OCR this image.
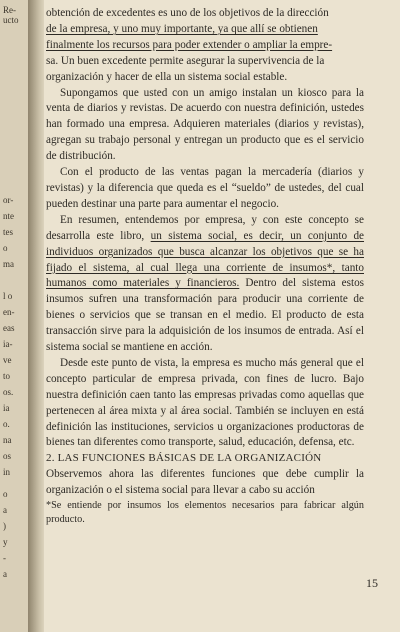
Re-
ucto
or-
nte
tes
o
ma
l o
en-
eas
ia-
ve
to
os.
ia
o.
na
os
in
o
a
)
y
-
a

obtención de excedentes es uno de los objetivos de la dirección

de la empresa, y uno muy importante, ya que allí se obtienen

finalmente los recursos para poder extender o ampliar la empre-

sa. Un buen excedente permite asegurar la supervivencia de la

organización y hacer de ella un sistema social estable.

Supongamos que usted con un amigo instalan un kiosco para la venta de diarios y revistas. De acuerdo con nuestra definición, ustedes han formado una empresa. Adquieren materiales (diarios y revistas), agregan su trabajo personal y entregan un producto que es el servicio de distribución.

Con el producto de las ventas pagan la mercadería (diarios y revistas) y la diferencia que queda es el “sueldo” de ustedes, del cual pueden destinar una parte para aumentar el negocio.

En resumen, entendemos por empresa, y con este concepto se desarrolla este libro, un sistema social, es decir, un conjunto de individuos organizados que busca alcanzar los objetivos que se ha fijado el sistema, al cual llega una corriente de insumos*, tanto humanos como materiales y financieros. Dentro del sistema estos insumos sufren una transformación para producir una corriente de bienes o servicios que se transan en el medio. El producto de esta transacción sirve para la adquisición de los insumos de entrada. Así el sistema social se mantiene en acción.

Desde este punto de vista, la empresa es mucho más general que el concepto particular de empresa privada, con fines de lucro. Bajo nuestra definición caen tanto las empresas privadas como aquellas que pertenecen al área mixta y al área social. También se incluyen en está definición las instituciones, servicios u organizaciones productoras de bienes tan diferentes como transporte, salud, educación, defensa, etc.

2. LAS FUNCIONES BÁSICAS DE LA ORGANIZACIÓN

Observemos ahora las diferentes funciones que debe cumplir la organización o el sistema social para llevar a cabo su acción

*Se entiende por insumos los elementos necesarios para fabricar algún producto.

15
